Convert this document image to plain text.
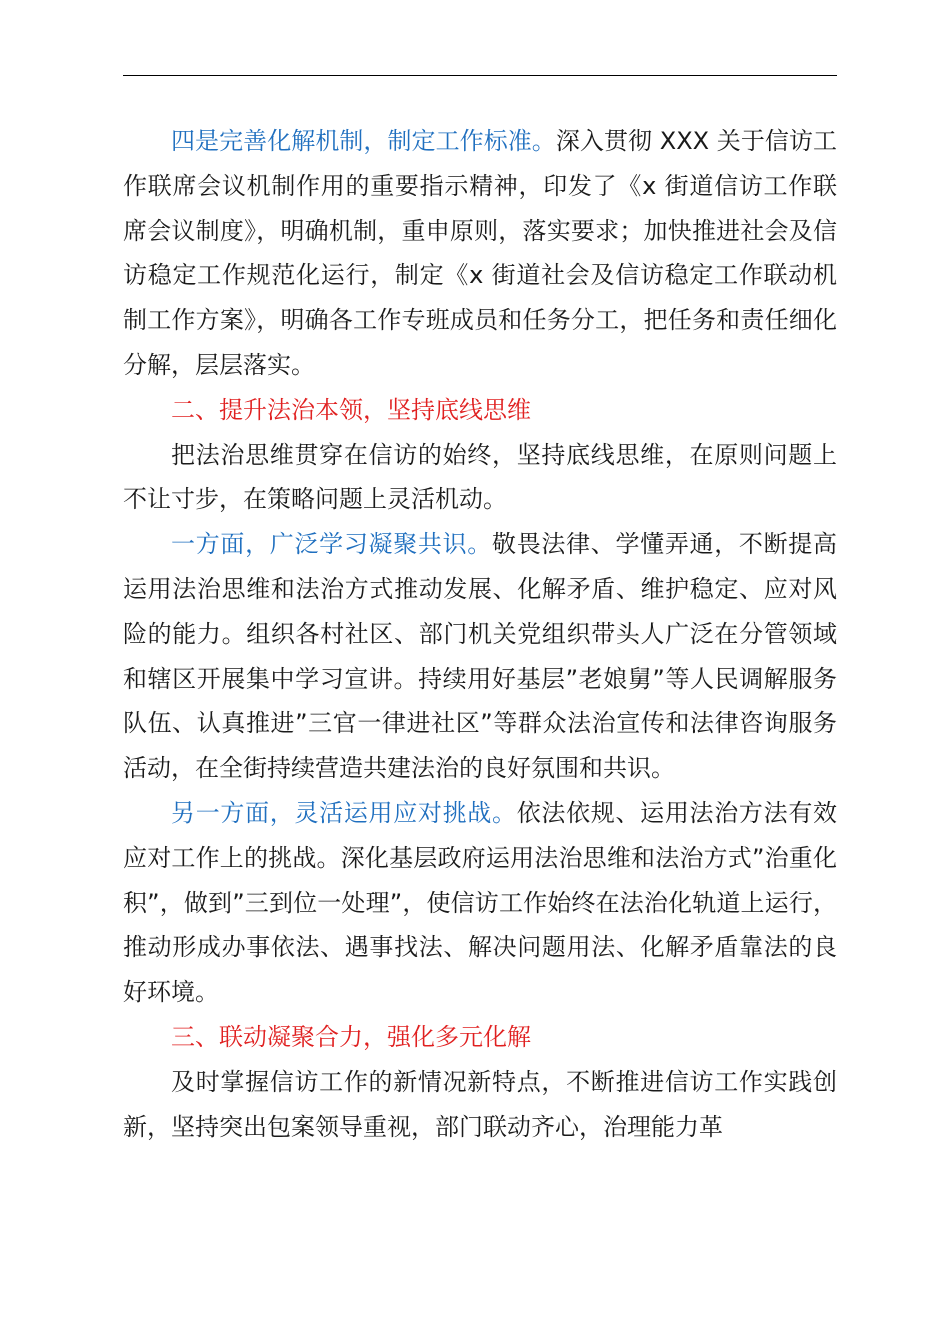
四是完善化解机制，制定工作标准。深入贯彻 XXX 关于信访工作联席会议机制作用的重要指示精神，印发了《x 街道信访工作联席会议制度》，明确机制，重申原则，落实要求；加快推进社会及信访稳定工作规范化运行，制定《x 街道社会及信访稳定工作联动机制工作方案》，明确各工作专班成员和任务分工，把任务和责任细化分解，层层落实。

二、提升法治本领，坚持底线思维

把法治思维贯穿在信访的始终，坚持底线思维，在原则问题上不让寸步，在策略问题上灵活机动。

一方面，广泛学习凝聚共识。敬畏法律、学懂弄通，不断提高运用法治思维和法治方式推动发展、化解矛盾、维护稳定、应对风险的能力。组织各村社区、部门机关党组织带头人广泛在分管领域和辖区开展集中学习宣讲。持续用好基层”老娘舅”等人民调解服务队伍、认真推进”三官一律进社区”等群众法治宣传和法律咨询服务活动，在全街持续营造共建法治的良好氛围和共识。

另一方面，灵活运用应对挑战。依法依规、运用法治方法有效应对工作上的挑战。深化基层政府运用法治思维和法治方式”治重化积”，做到”三到位一处理”，使信访工作始终在法治化轨道上运行，推动形成办事依法、遇事找法、解决问题用法、化解矛盾靠法的良好环境。

三、联动凝聚合力，强化多元化解

及时掌握信访工作的新情况新特点，不断推进信访工作实践创新，坚持突出包案领导重视，部门联动齐心，治理能力革
